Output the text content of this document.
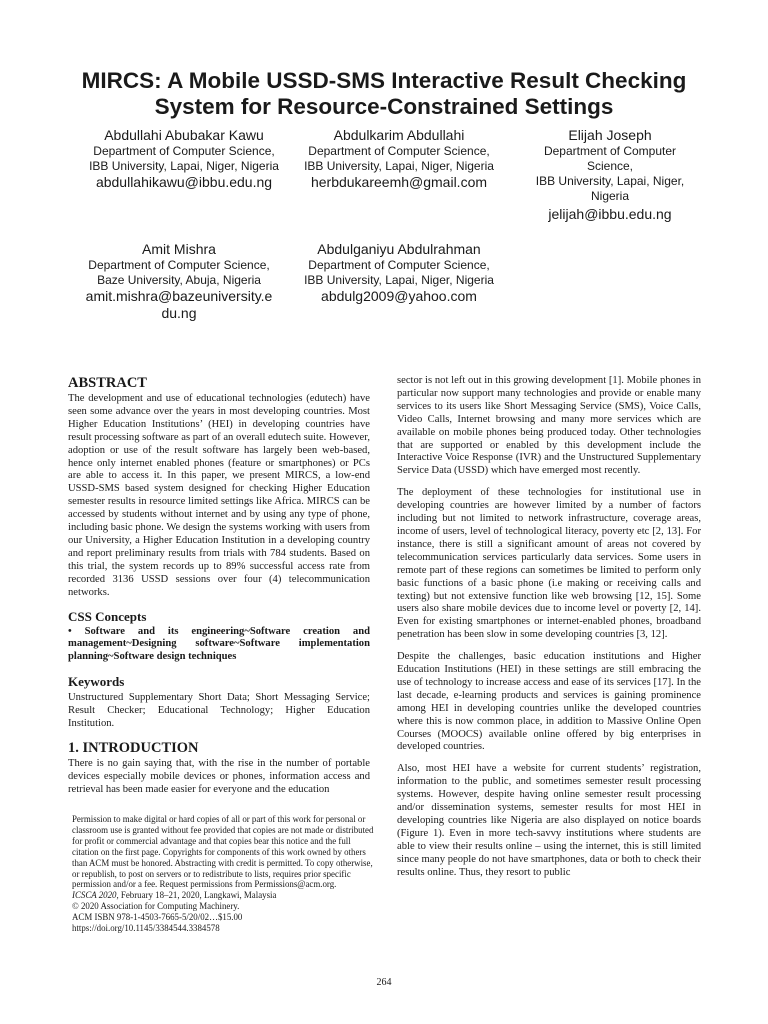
MIRCS: A Mobile USSD-SMS Interactive Result Checking System for Resource-Constrained Settings
Abdullahi Abubakar Kawu
Department of Computer Science,
IBB University, Lapai, Niger, Nigeria
abdullahikawu@ibbu.edu.ng
Abdulkarim Abdullahi
Department of Computer Science,
IBB University, Lapai, Niger, Nigeria
herbdukareemh@gmail.com
Elijah Joseph
Department of Computer
Science,
IBB University, Lapai, Niger,
Nigeria
jelijah@ibbu.edu.ng
Amit Mishra
Department of Computer Science,
Baze University, Abuja, Nigeria
amit.mishra@bazeuniversity.e
du.ng
Abdulganiyu Abdulrahman
Department of Computer Science,
IBB University, Lapai, Niger, Nigeria
abdulg2009@yahoo.com
ABSTRACT

The development and use of educational technologies (edutech) have seen some advance over the years in most developing countries. Most Higher Education Institutions’ (HEI) in developing countries have result processing software as part of an overall edutech suite. However, adoption or use of the result software has largely been web-based, hence only internet enabled phones (feature or smartphones) or PCs are able to access it. In this paper, we present MIRCS, a low-end USSD-SMS based system designed for checking Higher Education semester results in resource limited settings like Africa. MIRCS can be accessed by students without internet and by using any type of phone, including basic phone. We design the systems working with users from our University, a Higher Education Institution in a developing country and report preliminary results from trials with 784 students. Based on this trial, the system records up to 89% successful access rate from recorded 3136 USSD sessions over four (4) telecommunication networks.

CSS Concepts

• Software and its engineering~Software creation and management~Designing software~Software implementation planning~Software design techniques

Keywords

Unstructured Supplementary Short Data; Short Messaging Service; Result Checker; Educational Technology; Higher Education Institution.

1. INTRODUCTION

There is no gain saying that, with the rise in the number of portable devices especially mobile devices or phones, information access and retrieval has been made easier for everyone and the education

Permission to make digital or hard copies of all or part of this work for personal or classroom use is granted without fee provided that copies are not made or distributed for profit or commercial advantage and that copies bear this notice and the full citation on the first page. Copyrights for components of this work owned by others than ACM must be honored. Abstracting with credit is permitted. To copy otherwise, or republish, to post on servers or to redistribute to lists, requires prior specific permission and/or a fee. Request permissions from Permissions@acm.org.

ICSCA 2020, February 18–21, 2020, Langkawi, Malaysia

© 2020 Association for Computing Machinery.

ACM ISBN 978-1-4503-7665-5/20/02…$15.00

https://doi.org/10.1145/3384544.3384578

sector is not left out in this growing development [1]. Mobile phones in particular now support many technologies and provide or enable many services to its users like Short Messaging Service (SMS), Voice Calls, Video Calls, Internet browsing and many more services which are available on mobile phones being produced today. Other technologies that are supported or enabled by this development include the Interactive Voice Response (IVR) and the Unstructured Supplementary Service Data (USSD) which have emerged most recently.

The deployment of these technologies for institutional use in developing countries are however limited by a number of factors including but not limited to network infrastructure, coverage areas, income of users, level of technological literacy, poverty etc [2, 13]. For instance, there is still a significant amount of areas not covered by telecommunication services particularly data services. Some users in remote part of these regions can sometimes be limited to perform only basic functions of a basic phone (i.e making or receiving calls and texting) but not extensive function like web browsing [12, 15]. Some users also share mobile devices due to income level or poverty [2, 14]. Even for existing smartphones or internet-enabled phones, broadband penetration has been slow in some developing countries [3, 12].

Despite the challenges, basic education institutions and Higher Education Institutions (HEI) in these settings are still embracing the use of technology to increase access and ease of its services [17]. In the last decade, e-learning products and services is gaining prominence among HEI in developing countries unlike the developed countries where this is now common place, in addition to Massive Online Open Courses (MOOCS) available online offered by big enterprises in developed countries.

Also, most HEI have a website for current students’ registration, information to the public, and sometimes semester result processing systems. However, despite having online semester result processing and/or dissemination systems, semester results for most HEI in developing countries like Nigeria are also displayed on notice boards (Figure 1). Even in more tech-savvy institutions where students are able to view their results online – using the internet, this is still limited since many people do not have smartphones, data or both to check their results online. Thus, they resort to public

264
